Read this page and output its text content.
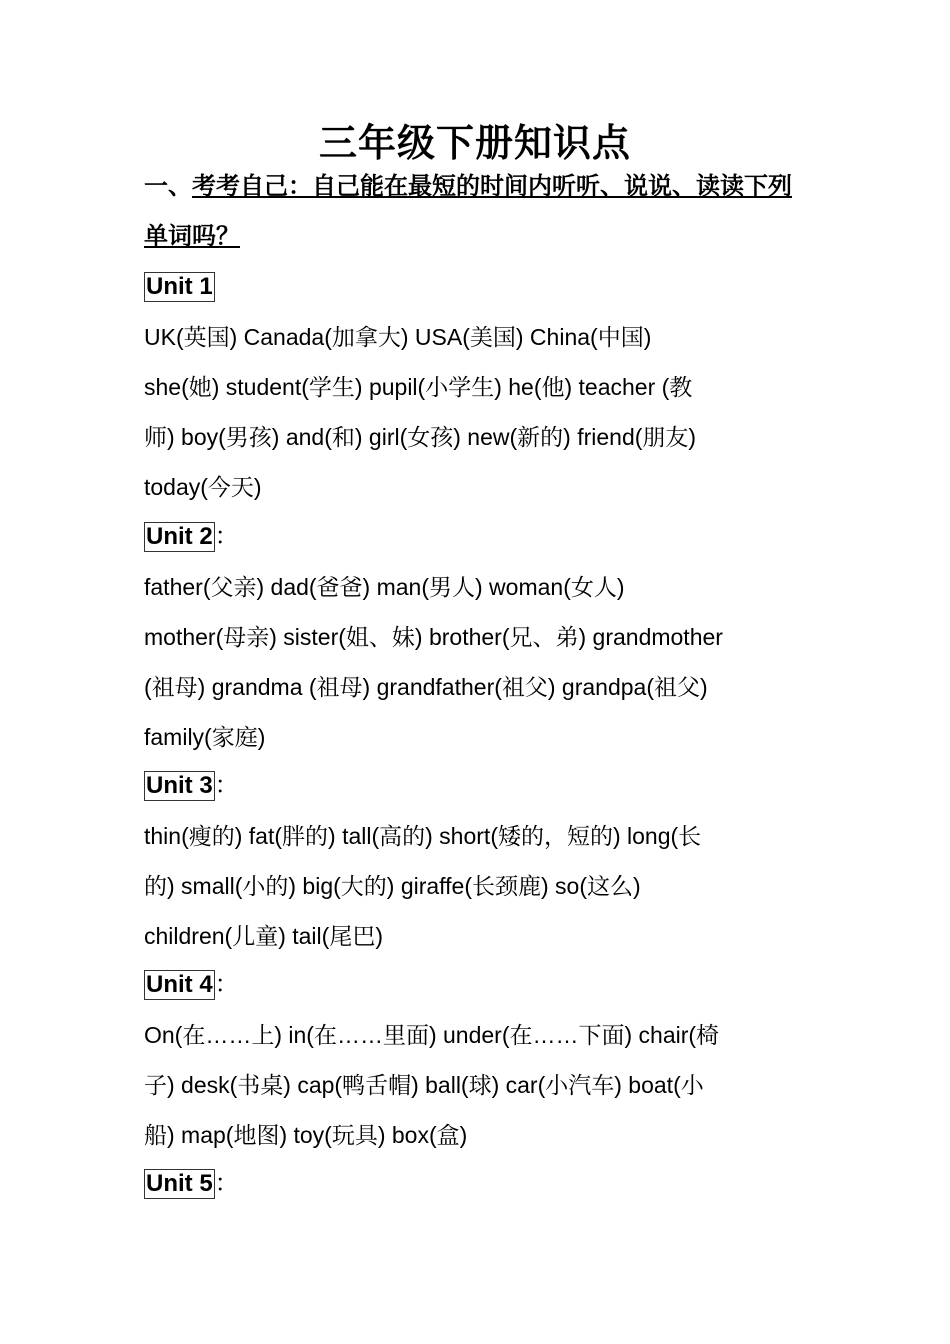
三年级下册知识点
一、考考自己：自己能在最短的时间内听听、说说、读读下列
单词吗？
Unit 1
UK(英国) Canada(加拿大) USA(美国) China(中国)
she(她) student(学生) pupil(小学生) he(他) teacher (教
师) boy(男孩) and(和) girl(女孩) new(新的) friend(朋友)
today(今天)
Unit 2：
father(父亲) dad(爸爸) man(男人) woman(女人)
mother(母亲) sister(姐、妹) brother(兄、弟) grandmother
(祖母) grandma (祖母) grandfather(祖父) grandpa(祖父)
family(家庭)
Unit 3：
thin(瘦的) fat(胖的) tall(高的) short(矮的，短的) long(长
的) small(小的) big(大的) giraffe(长颈鹿) so(这么)
children(儿童) tail(尾巴)
Unit 4：
On(在……上) in(在……里面) under(在……下面) chair(椅
子) desk(书桌) cap(鸭舌帽) ball(球) car(小汽车) boat(小
船) map(地图) toy(玩具) box(盒)
Unit 5：
